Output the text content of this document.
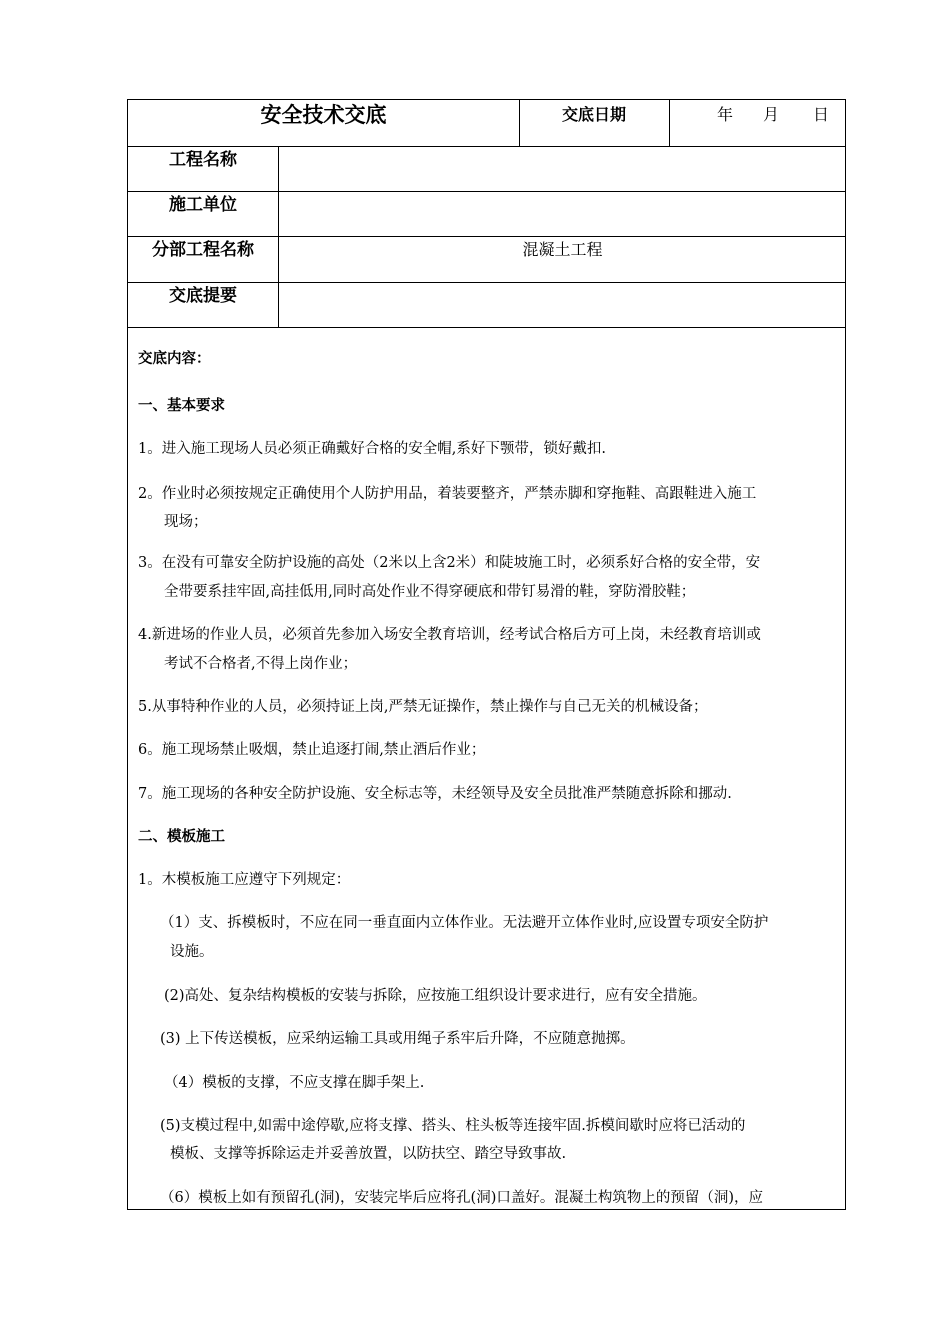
安全技术交底	交底日期	年 月 日
工程名称
施工单位
分部工程名称	混凝土工程
交底提要
交底内容：
一、基本要求
1。进入施工现场人员必须正确戴好合格的安全帽,系好下颚带，锁好戴扣.
2。作业时必须按规定正确使用个人防护用品，着装要整齐，严禁赤脚和穿拖鞋、高跟鞋进入施工
现场；
3。在没有可靠安全防护设施的高处（2米以上含2米）和陡坡施工时，必须系好合格的安全带，安
全带要系挂牢固,高挂低用,同时高处作业不得穿硬底和带钉易滑的鞋，穿防滑胶鞋；
4.新进场的作业人员，必须首先参加入场安全教育培训，经考试合格后方可上岗，未经教育培训或
考试不合格者,不得上岗作业；
5.从事特种作业的人员，必须持证上岗,严禁无证操作，禁止操作与自己无关的机械设备；
6。施工现场禁止吸烟，禁止追逐打闹,禁止酒后作业；
7。施工现场的各种安全防护设施、安全标志等，未经领导及安全员批准严禁随意拆除和挪动.
二、模板施工
1。木模板施工应遵守下列规定：
（1）支、拆模板时，不应在同一垂直面内立体作业。无法避开立体作业时,应设置专项安全防护
设施。
(2)高处、复杂结构模板的安装与拆除，应按施工组织设计要求进行，应有安全措施。
(3) 上下传送模板，应采纳运输工具或用绳子系牢后升降，不应随意抛掷。
（4）模板的支撑，不应支撑在脚手架上.
(5)支模过程中,如需中途停歇,应将支撑、搭头、柱头板等连接牢固.拆模间歇时应将已活动的
模板、支撑等拆除运走并妥善放置，以防扶空、踏空导致事故.
（6）模板上如有预留孔(洞)，安装完毕后应将孔(洞)口盖好。混凝土构筑物上的预留（洞)，应
